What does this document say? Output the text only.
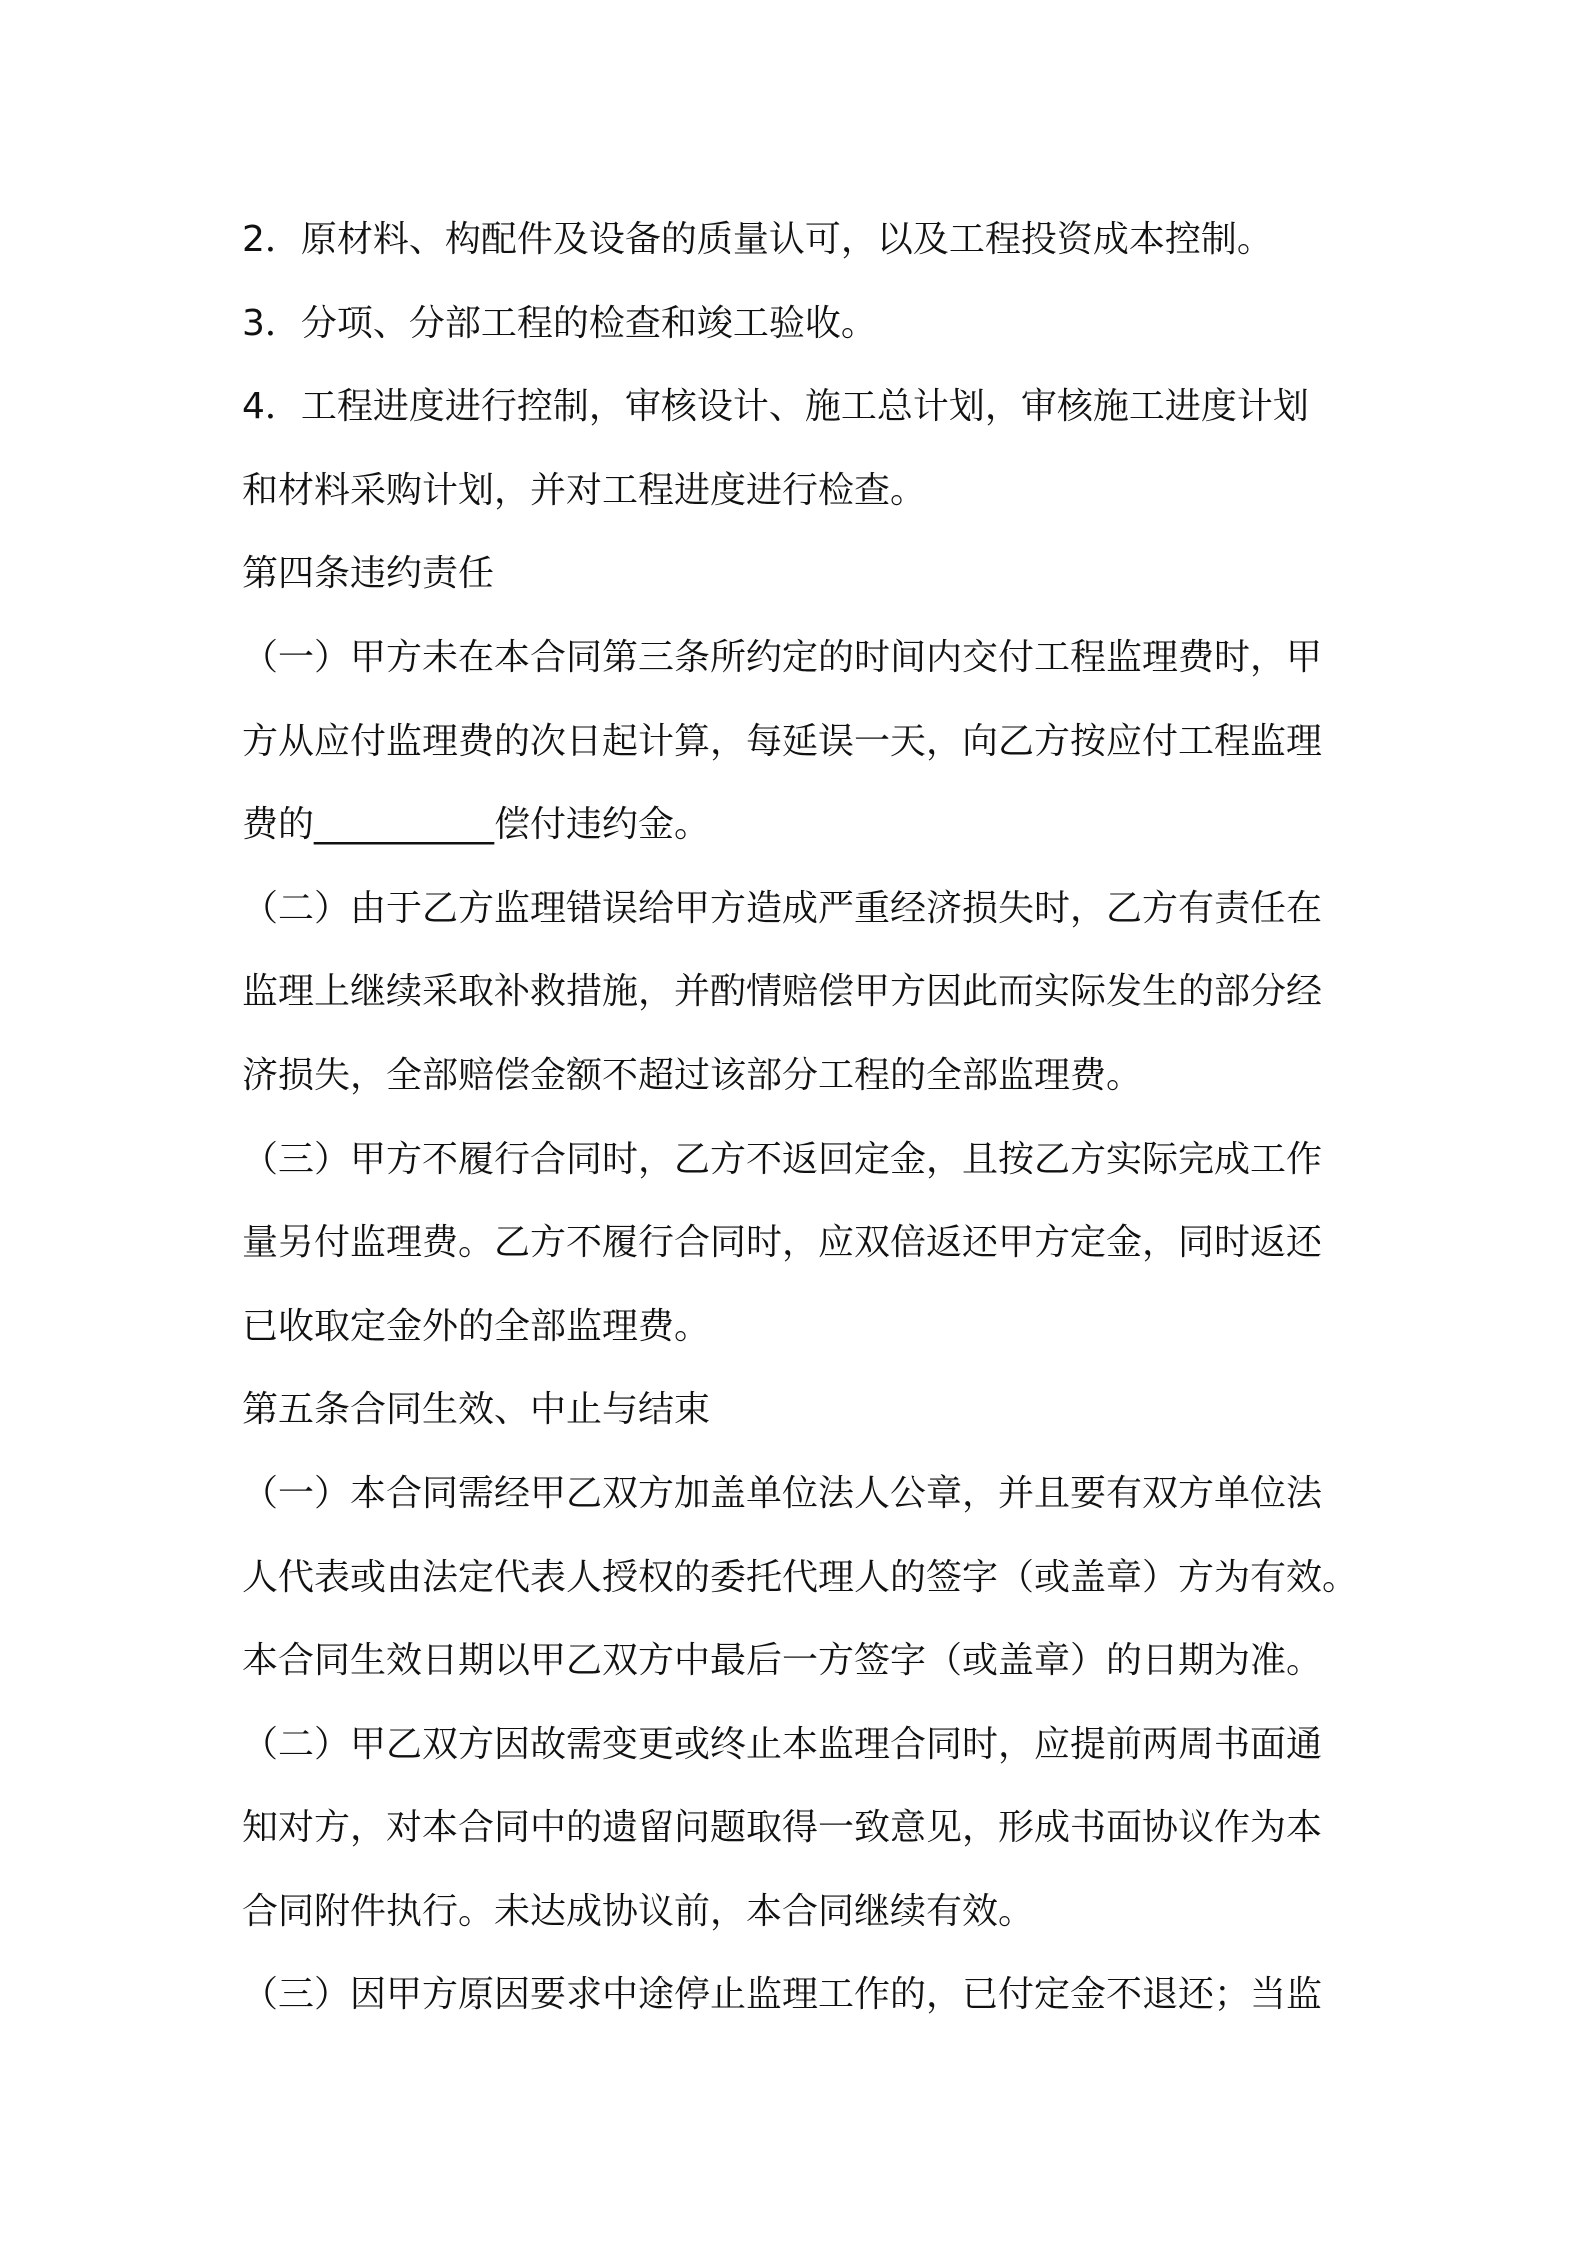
2．原材料、构配件及设备的质量认可，以及工程投资成本控制。

3．分项、分部工程的检查和竣工验收。

4．工程进度进行控制，审核设计、施工总计划，审核施工进度计划

和材料采购计划，并对工程进度进行检查。

第四条违约责任

（一）甲方未在本合同第三条所约定的时间内交付工程监理费时，甲

方从应付监理费的次日起计算，每延误一天，向乙方按应付工程监理

费的__________偿付违约金。

（二）由于乙方监理错误给甲方造成严重经济损失时，乙方有责任在

监理上继续采取补救措施，并酌情赔偿甲方因此而实际发生的部分经

济损失，全部赔偿金额不超过该部分工程的全部监理费。

（三）甲方不履行合同时，乙方不返回定金，且按乙方实际完成工作

量另付监理费。乙方不履行合同时，应双倍返还甲方定金，同时返还

已收取定金外的全部监理费。

第五条合同生效、中止与结束

（一）本合同需经甲乙双方加盖单位法人公章，并且要有双方单位法

人代表或由法定代表人授权的委托代理人的签字（或盖章）方为有效。

本合同生效日期以甲乙双方中最后一方签字（或盖章）的日期为准。

（二）甲乙双方因故需变更或终止本监理合同时，应提前两周书面通

知对方，对本合同中的遗留问题取得一致意见，形成书面协议作为本

合同附件执行。未达成协议前，本合同继续有效。

（三）因甲方原因要求中途停止监理工作的，已付定金不退还；当监
